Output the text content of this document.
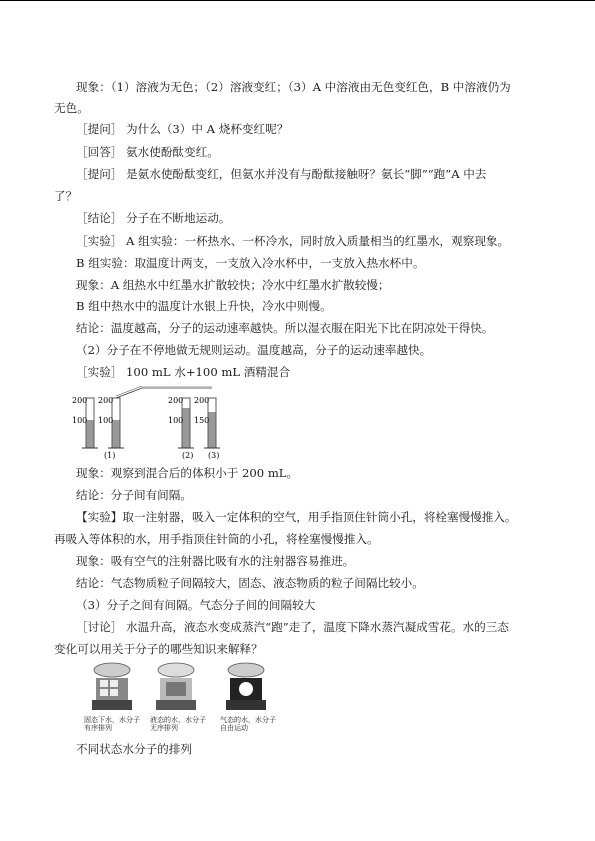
现象：（1）溶液为无色；（2）溶液变红；（3）A 中溶液由无色变红色，B 中溶液仍为
无色。
［提问］ 为什么（3）中 A 烧杯变红呢？
［回答］ 氨水使酚酞变红。
［提问］ 是氨水使酚酞变红，但氨水并没有与酚酞接触呀？氨长“脚”“跑”A 中去
了？
［结论］ 分子在不断地运动。
［实验］ A 组实验：一杯热水、一杯冷水，同时放入质量相当的红墨水，观察现象。
B 组实验：取温度计两支，一支放入冷水杯中，一支放入热水杯中。
现象：A 组热水中红墨水扩散较快；冷水中红墨水扩散较慢；
B 组中热水中的温度计水银上升快，冷水中则慢。
结论：温度越高，分子的运动速率越快。所以湿衣服在阳光下比在阴凉处干得快。
（2）分子在不停地做无规则运动。温度越高，分子的运动速率越快。
［实验］ 100 mL 水+100 mL 酒精混合
200
100
200
100
200
100
200
150
(1)	(2) (3)
现象：观察到混合后的体积小于 200 mL。
结论：分子间有间隔。
【实验】取一注射器，吸入一定体积的空气，用手指顶住针筒小孔，将栓塞慢慢推入。
再吸入等体积的水，用手指顶住针筒的小孔，将栓塞慢慢推入。
现象：吸有空气的注射器比吸有水的注射器容易推进。
结论：气态物质粒子间隔较大，固态、液态物质的粒子间隔比较小。
（3）分子之间有间隔。气态分子间的间隔较大
［讨论］ 水温升高，液态水变成蒸汽“跑”走了，温度下降水蒸汽凝成雪花。水的三态
变化可以用关于分子的哪些知识来解释？
固态下水，水分子有序排列
液态的水，水分子无序排列
气态的水，水分子自由运动
不同状态水分子的排列
